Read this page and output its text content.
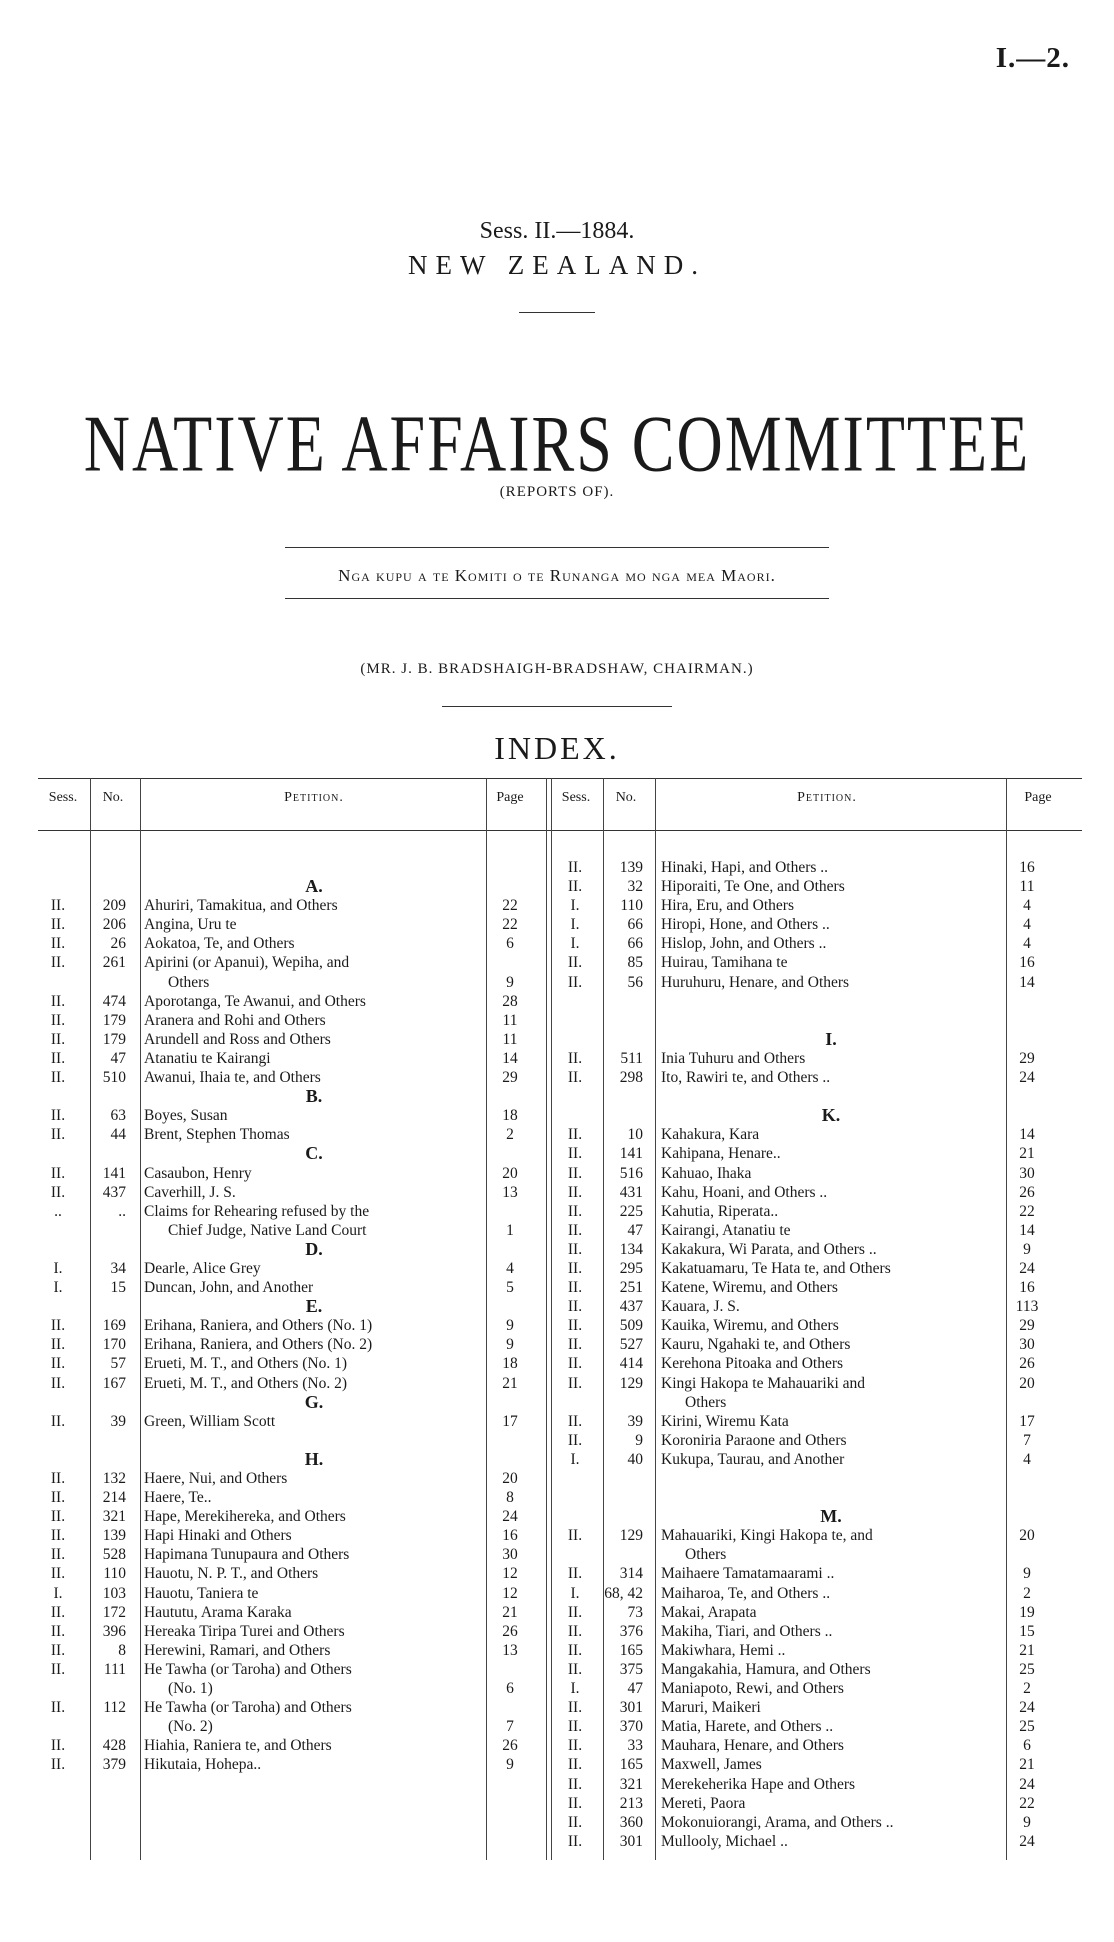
I.—2.
Sess. II.—1884.
NEW ZEALAND.
NATIVE AFFAIRS COMMITTEE
(REPORTS OF).
Nga kupu a te Komiti o te Runanga mo nga mea Maori.
(MR. J. B. BRADSHAIGH-BRADSHAW, CHAIRMAN.)
INDEX.
Sess.	No.	Petition.	Page	Sess.	No.	Petition.	Page
A.
II.	209 Ahuriri, Tamakitua, and Others	22
II.	206 Angina, Uru te	22
II.	26 Aokatoa, Te, and Others	6
II.	261 Apirini (or Apanui), Wepiha, and
Others	9
II.	474 Aporotanga, Te Awanui, and Others	28
II.	179 Aranera and Rohi and Others	11
II.	179 Arundell and Ross and Others	11
II.	47 Atanatiu te Kairangi	14
II.	510 Awanui, Ihaia te, and Others	29
B.
II.	63 Boyes, Susan	18
II.	44 Brent, Stephen Thomas	2
C.
II.	141 Casaubon, Henry	20
II.	437 Caverhill, J. S.	13
..	.. Claims for Rehearing refused by the
Chief Judge, Native Land Court	1
D.
I.	34 Dearle, Alice Grey	4
I.	15 Duncan, John, and Another	5
E.
II.	169 Erihana, Raniera, and Others (No. 1)	9
II.	170 Erihana, Raniera, and Others (No. 2)	9
II.	57 Erueti, M. T., and Others (No. 1)	18
II.	167 Erueti, M. T., and Others (No. 2)	21
G.
II.	39 Green, William Scott	17
H.
II.	132 Haere, Nui, and Others	20
II.	214 Haere, Te..	8
II.	321 Hape, Merekihereka, and Others	24
II.	139 Hapi Hinaki and Others	16
II.	528 Hapimana Tunupaura and Others	30
II.	110 Hauotu, N. P. T., and Others	12
I.	103 Hauotu, Taniera te	12
II.	172 Haututu, Arama Karaka	21
II.	396 Hereaka Tiripa Turei and Others	26
II.	8 Herewini, Ramari, and Others	13
II.	111 He Tawha (or Taroha) and Others
(No. 1)	6
II.	112 He Tawha (or Taroha) and Others
(No. 2)	7
II.	428 Hiahia, Raniera te, and Others	26
II.	379 Hikutaia, Hohepa..	9
II.	139 Hinaki, Hapi, and Others ..	16
II.	32 Hiporaiti, Te One, and Others	11
I.	110 Hira, Eru, and Others	4
I.	66 Hiropi, Hone, and Others ..	4
I.	66 Hislop, John, and Others ..	4
II.	85 Huirau, Tamihana te	16
II.	56 Huruhuru, Henare, and Others	14
I.
II.	511 Inia Tuhuru and Others	29
II.	298 Ito, Rawiri te, and Others ..	24
K.
II.	10 Kahakura, Kara	14
II.	141 Kahipana, Henare..	21
II.	516 Kahuao, Ihaka	30
II.	431 Kahu, Hoani, and Others ..	26
II.	225 Kahutia, Riperata..	22
II.	47 Kairangi, Atanatiu te	14
II.	134 Kakakura, Wi Parata, and Others ..	9
II.	295 Kakatuamaru, Te Hata te, and Others	24
II.	251 Katene, Wiremu, and Others	16
II.	437 Kauara, J. S.	113
II.	509 Kauika, Wiremu, and Others	29
II.	527 Kauru, Ngahaki te, and Others	30
II.	414 Kerehona Pitoaka and Others	26
II.	129 Kingi Hakopa te Mahauariki and	20
Others
II.	39 Kirini, Wiremu Kata	17
II.	9 Koroniria Paraone and Others	7
I.	40 Kukupa, Taurau, and Another	4
M.
II.	129 Mahauariki, Kingi Hakopa te, and	20
Others
II.	314 Maihaere Tamatamaarami ..	9
I.	68, 42 Maiharoa, Te, and Others ..	2
II.	73 Makai, Arapata	19
II.	376 Makiha, Tiari, and Others ..	15
II.	165 Makiwhara, Hemi ..	21
II.	375 Mangakahia, Hamura, and Others	25
I.	47 Maniapoto, Rewi, and Others	2
II.	301 Maruri, Maikeri	24
II.	370 Matia, Harete, and Others ..	25
II.	33 Mauhara, Henare, and Others	6
II.	165 Maxwell, James	21
II.	321 Merekeherika Hape and Others	24
II.	213 Mereti, Paora	22
II.	360 Mokonuiorangi, Arama, and Others ..	9
II.	301 Mullooly, Michael ..	24
